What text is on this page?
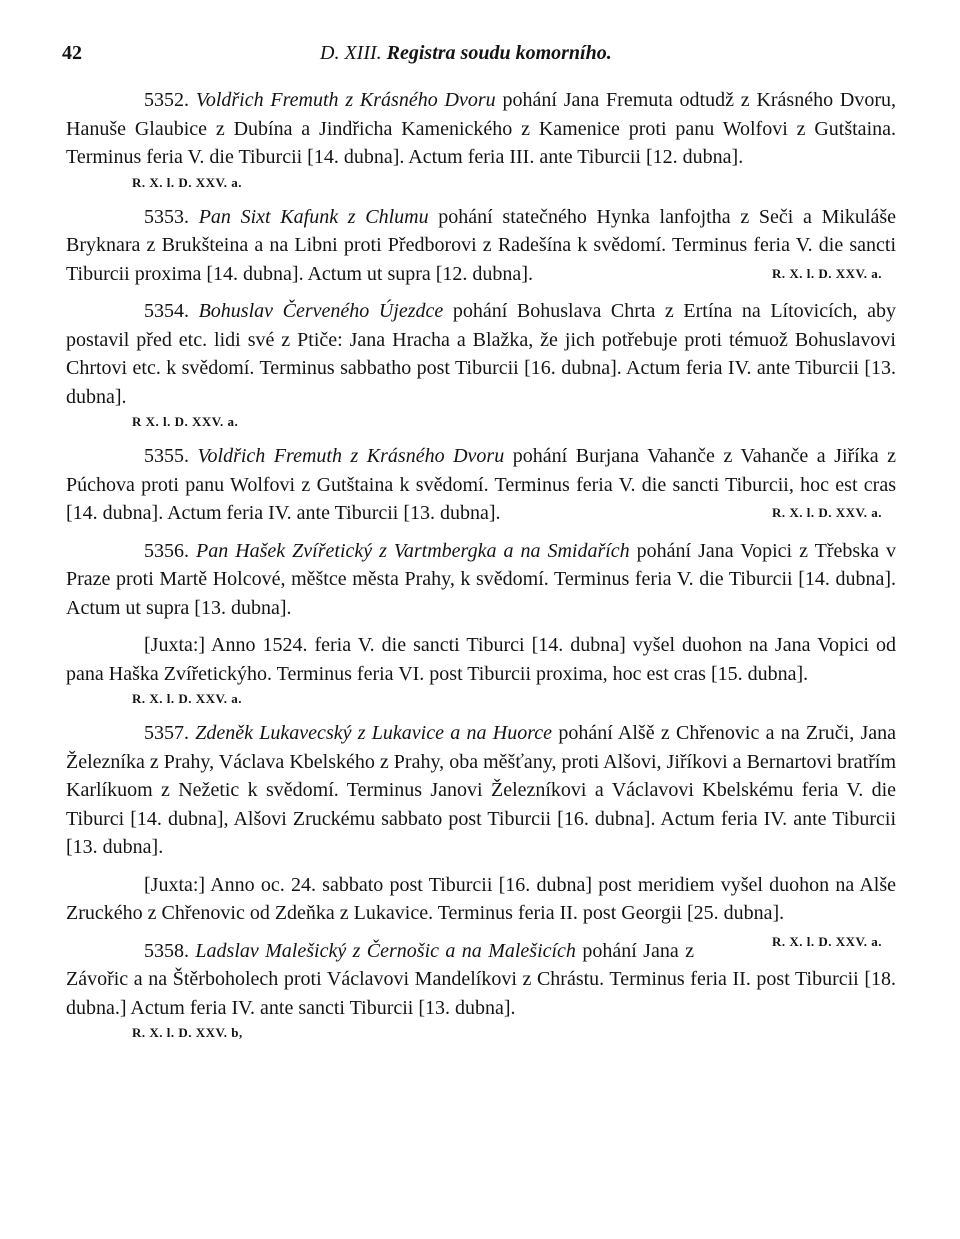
42	D. XIII. Registra soudu komorního.

5352. Voldřich Fremuth z Krásného Dvoru pohání Jana Fremuta odtudž z Krásného Dvoru, Hanuše Glaubice z Dubína a Jindřicha Kamenického z Kamenice proti panu Wolfovi z Gutštaina. Terminus feria V. die Tiburcii [14. dubna]. Actum feria III. ante Tiburcii [12. dubna].
R. X. l. D. XXV. a.

5353. Pan Sixt Kafunk z Chlumu pohání statečného Hynka lanfojtha z Seči a Mikuláše Bryknara z Brukšteina a na Libni proti Předborovi z Radešína k svědomí. Terminus feria V. die sancti Tiburcii proxima [14. dubna]. Actum ut supra [12. dubna].	R. X. l. D. XXV. a.

5354. Bohuslav Červeného Újezdce pohání Bohuslava Chrta z Ertína na Lítovicích, aby postavil před etc. lidi své z Ptiče: Jana Hracha a Blažka, že jich potřebuje proti témuož Bohuslavovi Chrtovi etc. k svědomí. Terminus sabbatho post Tiburcii [16. dubna]. Actum feria IV. ante Tiburcii [13. dubna].
R X. l. D. XXV. a.

5355. Voldřich Fremuth z Krásného Dvoru pohání Burjana Vahanče z Vahanče a Jiříka z Púchova proti panu Wolfovi z Gutštaina k svědomí. Terminus feria V. die sancti Tiburcii, hoc est cras [14. dubna]. Actum feria IV. ante Tiburcii [13. dubna].	R. X. l. D. XXV. a.

5356. Pan Hašek Zvířetický z Vartmbergka a na Smidařích pohání Jana Vopici z Třebska v Praze proti Martě Holcové, měštce města Prahy, k svědomí. Terminus feria V. die Tiburcii [14. dubna]. Actum ut supra [13. dubna].

[Juxta:] Anno 1524. feria V. die sancti Tiburci [14. dubna] vyšel duohon na Jana Vopici od pana Haška Zvířetickýho. Terminus feria VI. post Tiburcii proxima, hoc est cras [15. dubna].
R. X. l. D. XXV. a.

5357. Zdeněk Lukavecský z Lukavice a na Huorce pohání Alšě z Chřenovic a na Zruči, Jana Železníka z Prahy, Václava Kbelského z Prahy, oba měšťany, proti Alšovi, Jiříkovi a Bernartovi bratřím Karlíkuom z Nežetic k svědomí. Terminus Janovi Železníkovi a Václavovi Kbelskému feria V. die Tiburci [14. dubna], Alšovi Zruckému sabbato post Tiburcii [16. dubna]. Actum feria IV. ante Tiburcii [13. dubna].

[Juxta:] Anno oc. 24. sabbato post Tiburcii [16. dubna] post meridiem vyšel duohon na Alše Zruckého z Chřenovic od Zdeňka z Lukavice. Terminus feria II. post Georgii [25. dubna].
R. X. l. D. XXV. a.

5358. Ladslav Malešický z Černošic a na Malešicích pohání Jana z Závořic a na Štěrboholech proti Václavovi Mandelíkovi z Chrástu. Terminus feria II. post Tiburcii [18. dubna.] Actum feria IV. ante sancti Tiburcii [13. dubna].
R. X. l. D. XXV. b,
